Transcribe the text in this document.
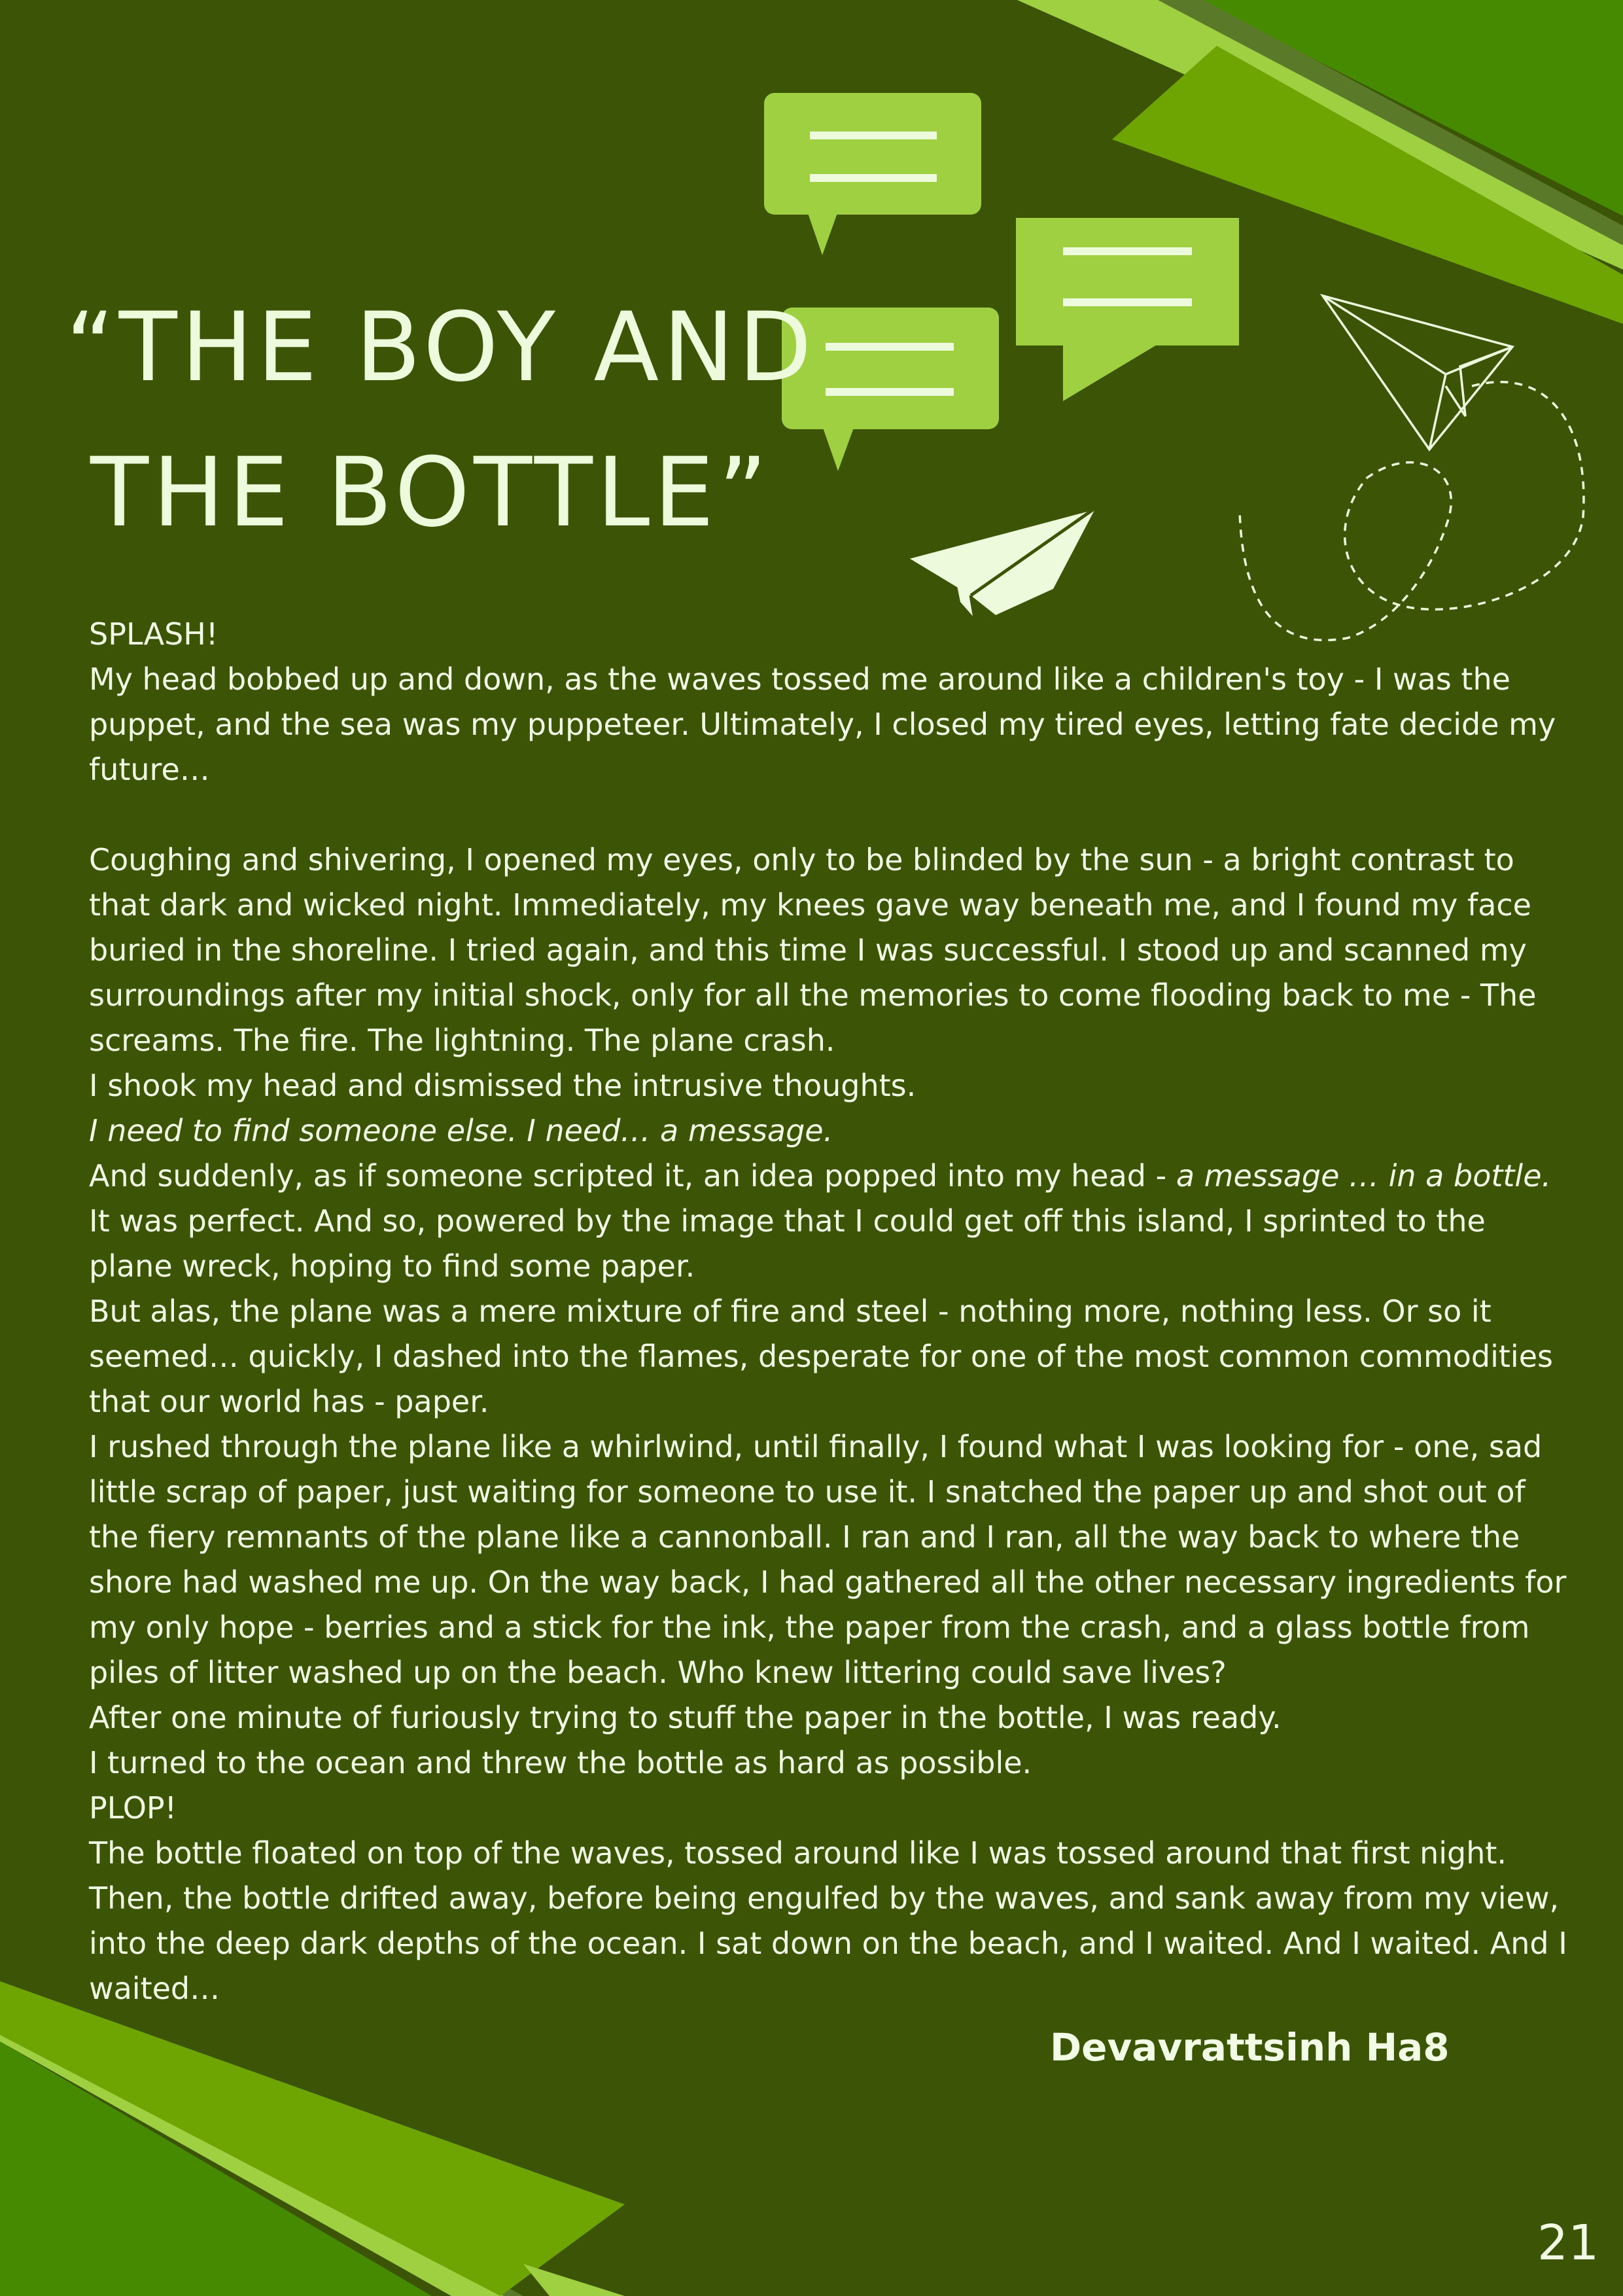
“THE BOY AND
THE BOTTLE”

SPLASH!

My head bobbed up and down, as the waves tossed me around like a children's toy - I was the

puppet, and the sea was my puppeteer. Ultimately, I closed my tired eyes, letting fate decide my

future…

Coughing and shivering, I opened my eyes, only to be blinded by the sun - a bright contrast to

that dark and wicked night. Immediately, my knees gave way beneath me, and I found my face

buried in the shoreline. I tried again, and this time I was successful. I stood up and scanned my

surroundings after my initial shock, only for all the memories to come flooding back to me - The

screams. The fire. The lightning. The plane crash.

I shook my head and dismissed the intrusive thoughts.

I need to find someone else. I need… a message.

And suddenly, as if someone scripted it, an idea popped into my head - a message … in a bottle.

It was perfect. And so, powered by the image that I could get off this island, I sprinted to the

plane wreck, hoping to find some paper.

But alas, the plane was a mere mixture of fire and steel - nothing more, nothing less. Or so it

seemed… quickly, I dashed into the flames, desperate for one of the most common commodities

that our world has - paper.

I rushed through the plane like a whirlwind, until finally, I found what I was looking for - one, sad

little scrap of paper, just waiting for someone to use it. I snatched the paper up and shot out of

the fiery remnants of the plane like a cannonball. I ran and I ran, all the way back to where the

shore had washed me up. On the way back, I had gathered all the other necessary ingredients for

my only hope - berries and a stick for the ink, the paper from the crash, and a glass bottle from

piles of litter washed up on the beach. Who knew littering could save lives?

After one minute of furiously trying to stuff the paper in the bottle, I was ready.

I turned to the ocean and threw the bottle as hard as possible.

PLOP!

The bottle floated on top of the waves, tossed around like I was tossed around that first night.

Then, the bottle drifted away, before being engulfed by the waves, and sank away from my view,

into the deep dark depths of the ocean. I sat down on the beach, and I waited. And I waited. And I

waited…

Devavrattsinh Ha8
21
